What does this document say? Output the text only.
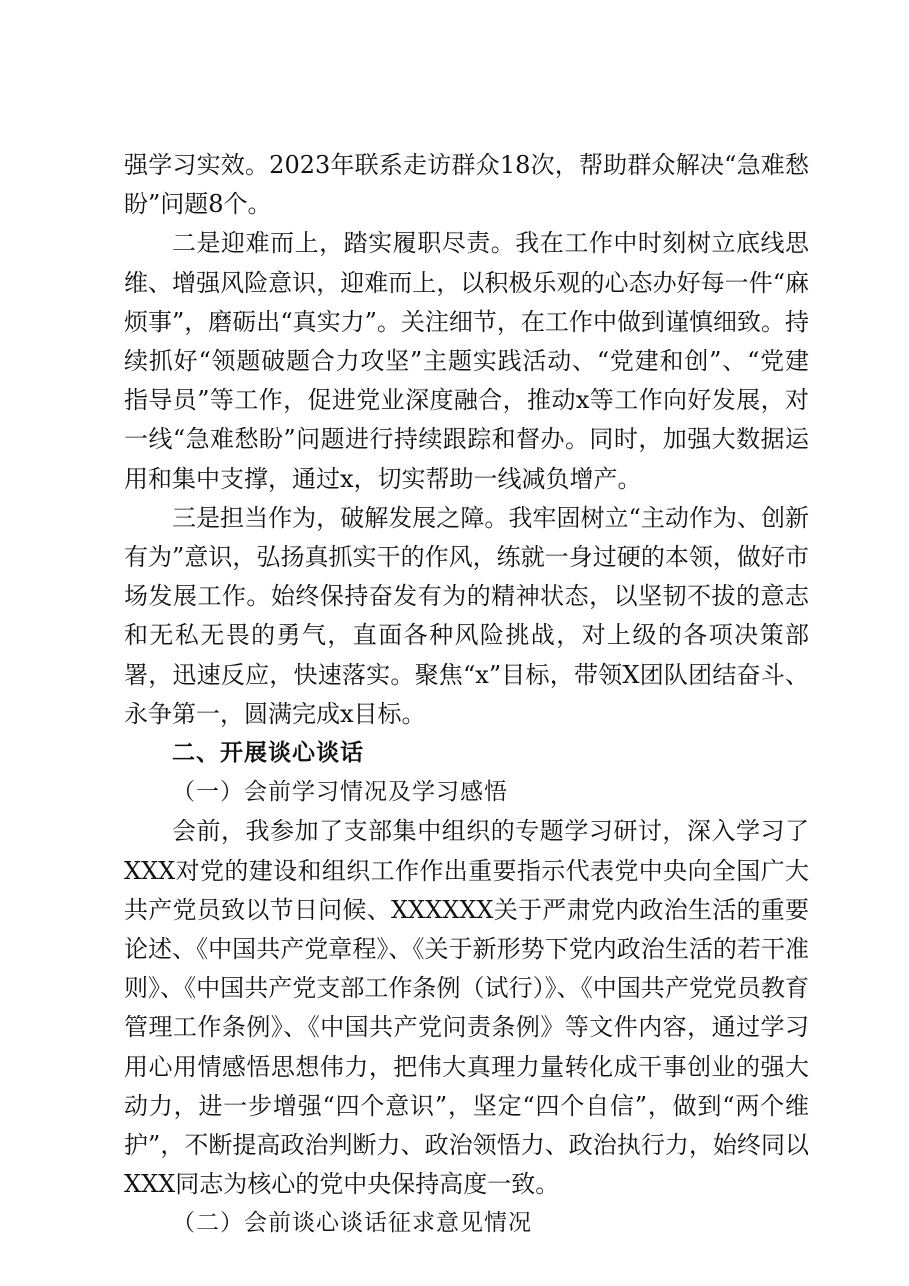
强学习实效。2023年联系走访群众18次，帮助群众解决“急难愁盼”问题8个。

二是迎难而上，踏实履职尽责。我在工作中时刻树立底线思维、增强风险意识，迎难而上，以积极乐观的心态办好每一件“麻烦事”，磨砺出“真实力”。关注细节，在工作中做到谨慎细致。持续抓好“领题破题合力攻坚”主题实践活动、“党建和创”、“党建指导员”等工作，促进党业深度融合，推动x等工作向好发展，对一线“急难愁盼”问题进行持续跟踪和督办。同时，加强大数据运用和集中支撑，通过x，切实帮助一线减负增产。

三是担当作为，破解发展之障。我牢固树立“主动作为、创新有为”意识，弘扬真抓实干的作风，练就一身过硬的本领，做好市场发展工作。始终保持奋发有为的精神状态，以坚韧不拔的意志和无私无畏的勇气，直面各种风险挑战，对上级的各项决策部署，迅速反应，快速落实。聚焦“x”目标，带领X团队团结奋斗、永争第一，圆满完成x目标。

二、开展谈心谈话

（一）会前学习情况及学习感悟

会前，我参加了支部集中组织的专题学习研讨，深入学习了XXX对党的建设和组织工作作出重要指示代表党中央向全国广大共产党员致以节日问候、XXXXXX关于严肃党内政治生活的重要论述、《中国共产党章程》、《关于新形势下党内政治生活的若干准则》、《中国共产党支部工作条例（试行）》、《中国共产党党员教育管理工作条例》、《中国共产党问责条例》等文件内容，通过学习用心用情感悟思想伟力，把伟大真理力量转化成干事创业的强大动力，进一步增强“四个意识”，坚定“四个自信”，做到“两个维护”，不断提高政治判断力、政治领悟力、政治执行力，始终同以XXX同志为核心的党中央保持高度一致。

（二）会前谈心谈话征求意见情况
